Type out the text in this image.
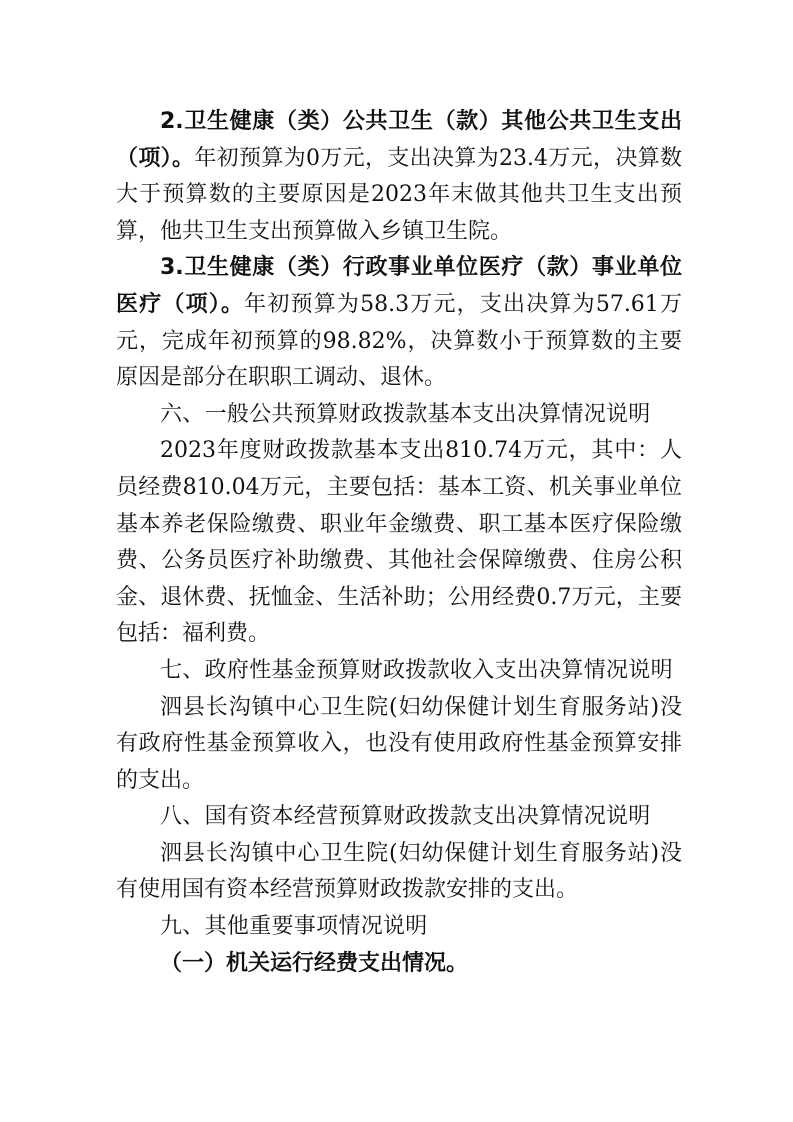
2.卫生健康（类）公共卫生（款）其他公共卫生支出（项）。年初预算为0万元，支出决算为23.4万元，决算数大于预算数的主要原因是2023年末做其他共卫生支出预算，他共卫生支出预算做入乡镇卫生院。

3.卫生健康（类）行政事业单位医疗（款）事业单位医疗（项）。年初预算为58.3万元，支出决算为57.61万元，完成年初预算的98.82%，决算数小于预算数的主要原因是部分在职职工调动、退休。

六、一般公共预算财政拨款基本支出决算情况说明

2023年度财政拨款基本支出810.74万元，其中：人员经费810.04万元，主要包括：基本工资、机关事业单位基本养老保险缴费、职业年金缴费、职工基本医疗保险缴费、公务员医疗补助缴费、其他社会保障缴费、住房公积金、退休费、抚恤金、生活补助；公用经费0.7万元，主要包括：福利费。

七、政府性基金预算财政拨款收入支出决算情况说明

泗县长沟镇中心卫生院(妇幼保健计划生育服务站)没有政府性基金预算收入，也没有使用政府性基金预算安排的支出。

八、国有资本经营预算财政拨款支出决算情况说明

泗县长沟镇中心卫生院(妇幼保健计划生育服务站)没有使用国有资本经营预算财政拨款安排的支出。

九、其他重要事项情况说明

（一）机关运行经费支出情况。
